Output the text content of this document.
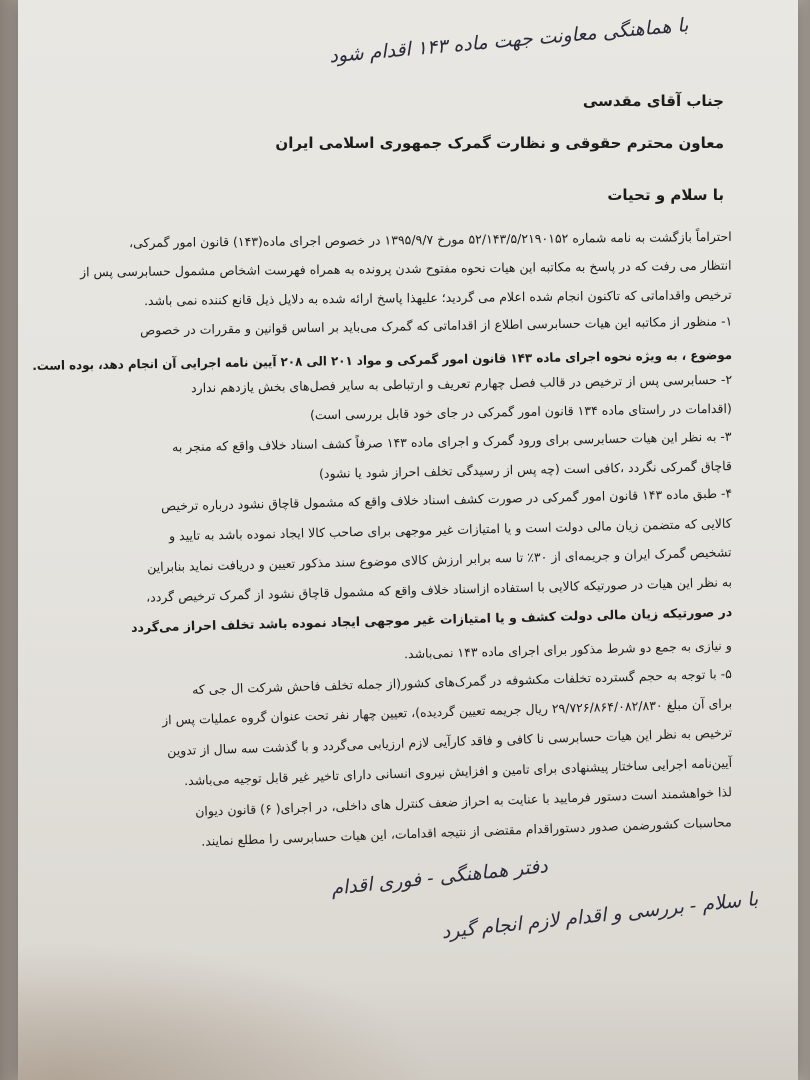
با هماهنگی معاونت جهت ماده ۱۴۳ اقدام شود
جناب آقای مقدسی
معاون محترم حقوقی و نظارت گمرک جمهوری اسلامی ایران
با سلام و تحیات
احتراماً بازگشت به نامه شماره ۵۲/۱۴۳/۵/۲۱۹۰۱۵۲ مورخ ۱۳۹۵/۹/۷ در خصوص اجرای ماده(۱۴۳) قانون امور گمرکی،
انتظار می رفت که در پاسخ به مکاتبه این هیات نحوه مفتوح شدن پرونده به همراه فهرست اشخاص مشمول حسابرسی پس از
ترخیص واقداماتی که تاکنون انجام شده اعلام می گردید؛ علیهذا پاسخ ارائه شده به دلایل ذیل قانع کننده نمی باشد.
۱- منظور از مکاتبه این هیات حسابرسی اطلاع از اقداماتی که گمرک می‌باید بر اساس قوانین و مقررات در خصوص
موضوع ، به ویژه نحوه اجرای ماده ۱۴۳ قانون امور گمرکی و مواد ۲۰۱ الی ۲۰۸ آیین نامه اجرایی آن انجام دهد، بوده است.
۲- حسابرسی پس از ترخیص در قالب فصل چهارم تعریف و ارتباطی به سایر فصل‌های بخش یازدهم ندارد
(اقدامات در راستای ماده ۱۳۴ قانون امور گمرکی در جای خود قابل بررسی است)
۳- به نظر این هیات حسابرسی برای ورود گمرک و اجرای ماده ۱۴۳ صرفاً کشف اسناد خلاف واقع که منجر به
قاچاق گمرکی نگردد ،کافی است (چه پس از رسیدگی تخلف احراز شود یا نشود)
۴- طبق ماده ۱۴۳ قانون امور گمرکی در صورت کشف اسناد خلاف واقع که مشمول قاچاق نشود درباره ترخیص
کالایی که متضمن زیان مالی دولت است و یا امتیازات غیر موجهی برای صاحب کالا ایجاد نموده باشد به تایید و
تشخیص گمرک ایران و جریمه‌ای از ۳۰٪ تا سه برابر ارزش کالای موضوع سند مذکور تعیین و دریافت نماید بنابراین
به نظر این هیات در صورتیکه کالایی با استفاده ازاسناد خلاف واقع که مشمول قاچاق نشود از گمرک ترخیص گردد،
در صورتیکه زیان مالی دولت کشف و یا امتیازات غیر موجهی ایجاد نموده باشد تخلف احراز می‌گردد
و نیازی به جمع دو شرط مذکور برای اجرای ماده ۱۴۳ نمی‌باشد.
۵- با توجه به حجم گسترده تخلفات مکشوفه در گمرک‌های کشور(از جمله تخلف فاحش شرکت ال جی که
برای آن مبلغ ۲۹/۷۲۶/۸۶۴/۰۸۲/۸۳۰ ریال جریمه تعیین گردیده)، تعیین چهار نفر تحت عنوان گروه عملیات پس از
ترخیص به نظر این هیات حسابرسی نا کافی و فاقد کارآیی لازم ارزیابی می‌گردد و با گذشت سه سال از تدوین
آیین‌نامه اجرایی ساختار پیشنهادی برای تامین و افزایش نیروی انسانی دارای تاخیر غیر قابل توجیه می‌باشد.
لذا خواهشمند است دستور فرمایید با عنایت به احراز ضعف کنترل های داخلی، در اجرای( ۶) قانون دیوان
محاسبات کشورضمن صدور دستوراقدام مقتضی از نتیجه اقدامات، این هیات حسابرسی را مطلع نمایند.
دفتر هماهنگی - فوری اقدام
با سلام - بررسی و اقدام لازم انجام گیرد
